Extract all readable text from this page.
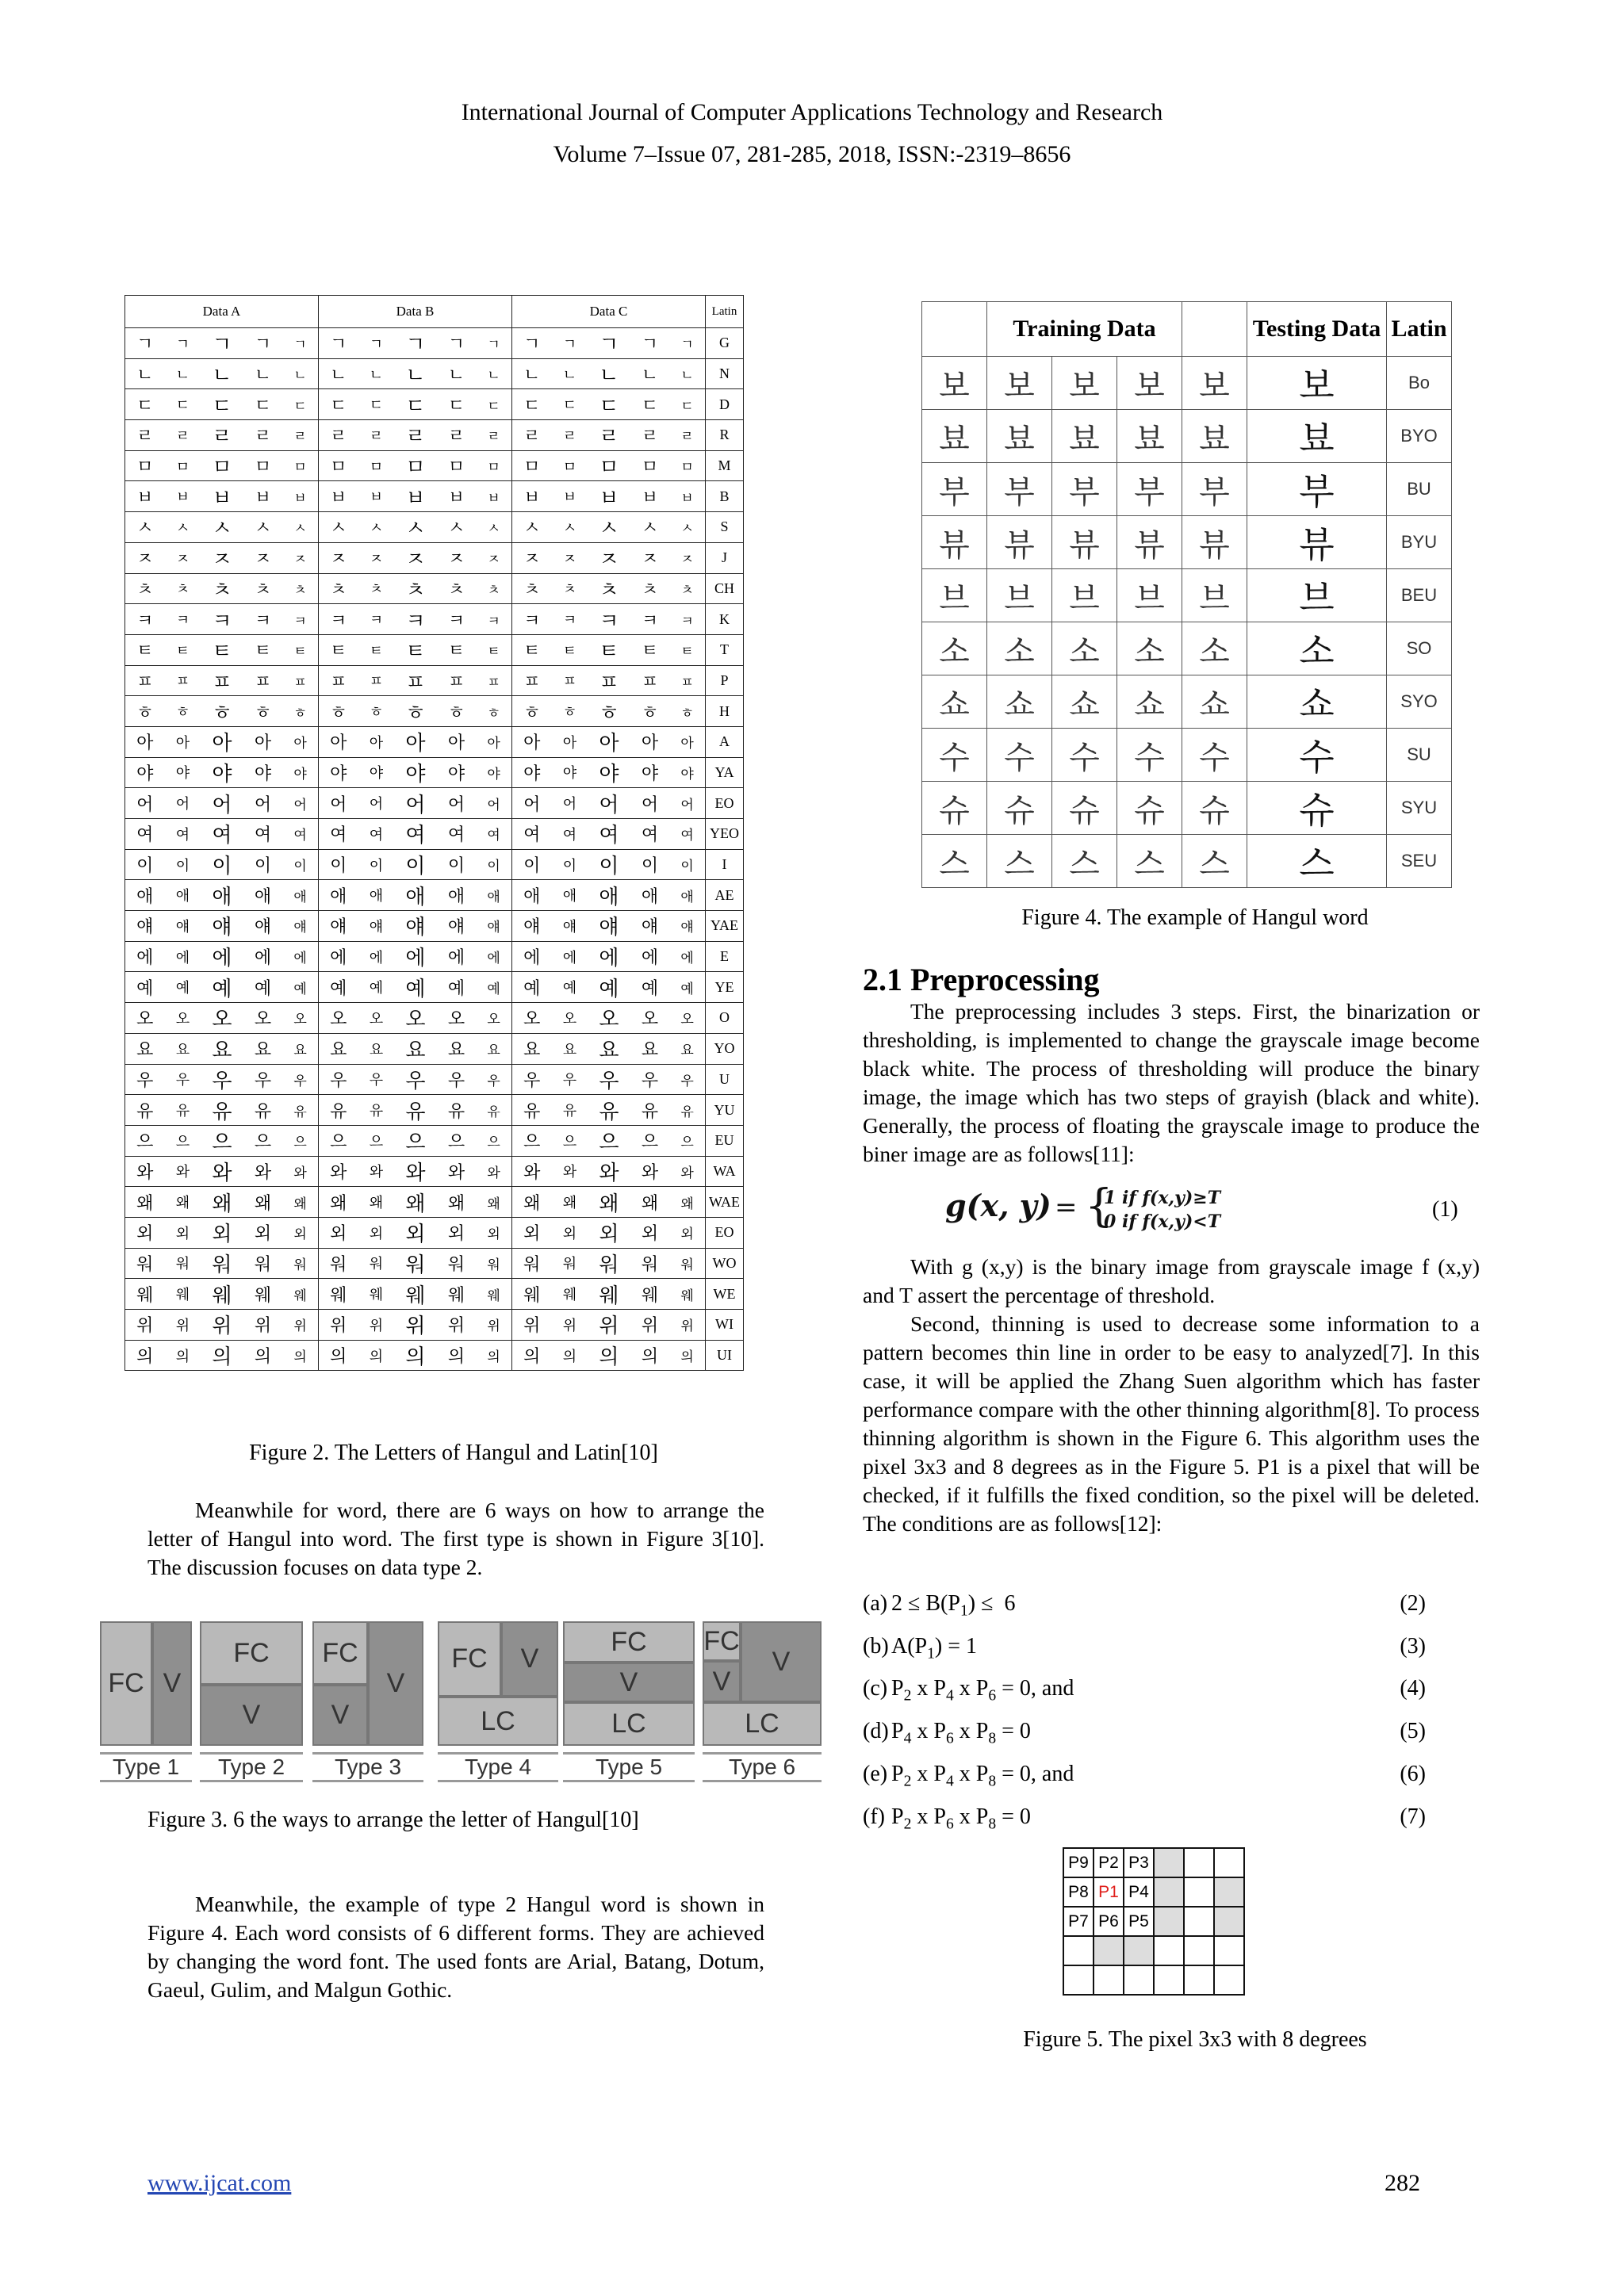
International Journal of Computer Applications Technology and Research
Volume 7–Issue 07, 281-285, 2018, ISSN:-2319–8656
Data A	Data B	Data C	Latin

ㄱ ㄱ ㄱ ㄱ ㄱ	ㄱ ㄱ ㄱ ㄱ ㄱ	ㄱ ㄱ ㄱ ㄱ ㄱ	G

ㄴ ㄴ ㄴ ㄴ ㄴ	ㄴ ㄴ ㄴ ㄴ ㄴ	ㄴ ㄴ ㄴ ㄴ ㄴ	N

ㄷ ㄷ ㄷ ㄷ ㄷ	ㄷ ㄷ ㄷ ㄷ ㄷ	ㄷ ㄷ ㄷ ㄷ ㄷ	D

ㄹ ㄹ ㄹ ㄹ ㄹ	ㄹ ㄹ ㄹ ㄹ ㄹ	ㄹ ㄹ ㄹ ㄹ ㄹ	R

ㅁ ㅁ ㅁ ㅁ ㅁ	ㅁ ㅁ ㅁ ㅁ ㅁ	ㅁ ㅁ ㅁ ㅁ ㅁ	M

ㅂ ㅂ ㅂ ㅂ ㅂ	ㅂ ㅂ ㅂ ㅂ ㅂ	ㅂ ㅂ ㅂ ㅂ ㅂ	B

ㅅ ㅅ ㅅ ㅅ ㅅ	ㅅ ㅅ ㅅ ㅅ ㅅ	ㅅ ㅅ ㅅ ㅅ ㅅ	S

ㅈ ㅈ ㅈ ㅈ ㅈ	ㅈ ㅈ ㅈ ㅈ ㅈ	ㅈ ㅈ ㅈ ㅈ ㅈ	J

ㅊ ㅊ ㅊ ㅊ ㅊ	ㅊ ㅊ ㅊ ㅊ ㅊ	ㅊ ㅊ ㅊ ㅊ ㅊ	CH

ㅋ ㅋ ㅋ ㅋ ㅋ	ㅋ ㅋ ㅋ ㅋ ㅋ	ㅋ ㅋ ㅋ ㅋ ㅋ	K

ㅌ ㅌ ㅌ ㅌ ㅌ	ㅌ ㅌ ㅌ ㅌ ㅌ	ㅌ ㅌ ㅌ ㅌ ㅌ	T

ㅍ ㅍ ㅍ ㅍ ㅍ	ㅍ ㅍ ㅍ ㅍ ㅍ	ㅍ ㅍ ㅍ ㅍ ㅍ	P

ㅎ ㅎ ㅎ ㅎ ㅎ	ㅎ ㅎ ㅎ ㅎ ㅎ	ㅎ ㅎ ㅎ ㅎ ㅎ	H

아 아 아 아 아	아 아 아 아 아	아 아 아 아 아	A

야 야 야 야 야	야 야 야 야 야	야 야 야 야 야	YA

어 어 어 어 어	어 어 어 어 어	어 어 어 어 어	EO

여 여 여 여 여	여 여 여 여 여	여 여 여 여 여	YEO

이 이 이 이 이	이 이 이 이 이	이 이 이 이 이	I

애 애 애 애 애	애 애 애 애 애	애 애 애 애 애	AE

얘 얘 얘 얘 얘	얘 얘 얘 얘 얘	얘 얘 얘 얘 얘	YAE

에 에 에 에 에	에 에 에 에 에	에 에 에 에 에	E

예 예 예 예 예	예 예 예 예 예	예 예 예 예 예	YE

오 오 오 오 오	오 오 오 오 오	오 오 오 오 오	O

요 요 요 요 요	요 요 요 요 요	요 요 요 요 요	YO

우 우 우 우 우	우 우 우 우 우	우 우 우 우 우	U

유 유 유 유 유	유 유 유 유 유	유 유 유 유 유	YU

으 으 으 으 으	으 으 으 으 으	으 으 으 으 으	EU

와 와 와 와 와	와 와 와 와 와	와 와 와 와 와	WA

왜 왜 왜 왜 왜	왜 왜 왜 왜 왜	왜 왜 왜 왜 왜	WAE

외 외 외 외 외	외 외 외 외 외	외 외 외 외 외	EO

워 워 워 워 워	워 워 워 워 워	워 워 워 워 워	WO

웨 웨 웨 웨 웨	웨 웨 웨 웨 웨	웨 웨 웨 웨 웨	WE

위 위 위 위 위	위 위 위 위 위	위 위 위 위 위	WI

의 의 의 의 의	의 의 의 의 의	의 의 의 의 의	UI
Figure 2. The Letters of Hangul and Latin[10]

Meanwhile for word, there are 6 ways on how to arrange the letter of Hangul into word. The first type is shown in Figure 3[10]. The discussion focuses on data type 2.

FC V
Type 1
FC
V
Type 2
FC
V
V
Type 3
FC	V
LC
Type 4
FC
V
LC
Type 5
FC
V
V
LC
Type 6
Figure 3. 6 the ways to arrange the letter of Hangul[10]

Meanwhile, the example of type 2 Hangul word is shown in Figure 4. Each word consists of 6 different forms. They are achieved by changing the word font. The used fonts are Arial, Batang, Dotum, Gaeul, Gulim, and Malgun Gothic.

	Training Data				Testing Data	Latin
보	보	보	보	보	보	Bo
뵤	뵤	뵤	뵤	뵤	뵤	BYO
부	부	부	부	부	부	BU
뷰	뷰	뷰	뷰	뷰	뷰	BYU
브	브	브	브	브	브	BEU
소	소	소	소	소	소	SO
쇼	쇼	쇼	쇼	쇼	쇼	SYO
수	수	수	수	수	수	SU
슈	슈	슈	슈	슈	슈	SYU
스	스	스	스	스	스	SEU
Figure 4. The example of Hangul word
2.1 Preprocessing

The preprocessing includes 3 steps. First, the binarization or thresholding, is implemented to change the grayscale image become black white. The process of thresholding will produce the binary image, the image which has two steps of grayish (black and white). Generally, the process of floating the grayscale image to produce the biner image are as follows[11]:

g(x, y) = {
1 if f(x,y)≥T
0 if f(x,y)<T	(1)

With g (x,y) is the binary image from grayscale image f (x,y) and T assert the percentage of threshold.

Second, thinning is used to decrease some information to a pattern becomes thin line in order to be easy to analyzed[7]. In this case, it will be applied the Zhang Suen algorithm which has faster performance compare with the other thinning algorithm[8]. To process thinning algorithm is shown in the Figure 6. This algorithm uses the pixel 3x3 and 8 degrees as in the Figure 5. P1 is a pixel that will be checked, if it fulfills the fixed condition, so the pixel will be deleted. The conditions are as follows[12]:

(a) $2 \le B(P_1) \le 6$	(2)
(b) $A(P_1) = 1$	(3)
(c) $P_2$ x $P_4$ x $P_6 = 0$, and	(4)
(d) $P_4$ x $P_6$ x $P_8 = 0$	(5)
(e) $P_2$ x $P_4$ x $P_8 = 0$, and	(6)
(f) $P_2$ x $P_6$ x $P_8 = 0$	(7)
P9	P2	P3			
P8	P1	P4			
P7	P6	P5			

Figure 5. The pixel 3x3 with 8 degrees
www.ijcat.com	282
